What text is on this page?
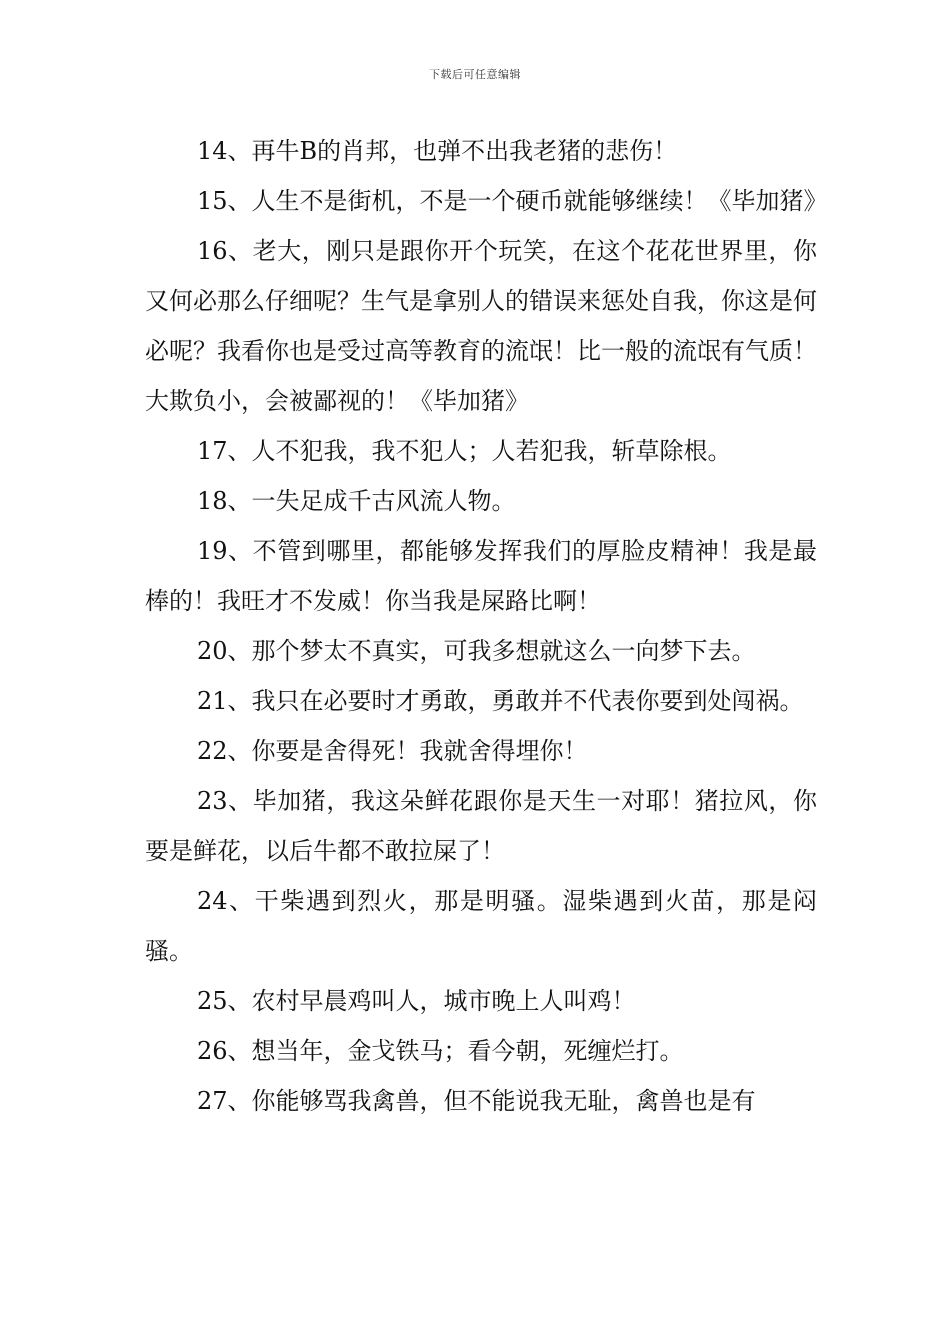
下载后可任意编辑

14、再牛B的肖邦，也弹不出我老猪的悲伤！

15、人生不是街机，不是一个硬币就能够继续！《毕加猪》

16、老大，刚只是跟你开个玩笑，在这个花花世界里，你又何必那么仔细呢？生气是拿别人的错误来惩处自我，你这是何必呢？我看你也是受过高等教育的流氓！比一般的流氓有气质！大欺负小，会被鄙视的！《毕加猪》

17、人不犯我，我不犯人；人若犯我，斩草除根。

18、一失足成千古风流人物。

19、不管到哪里，都能够发挥我们的厚脸皮精神！我是最棒的！我旺才不发威！你当我是屎路比啊！

20、那个梦太不真实，可我多想就这么一向梦下去。

21、我只在必要时才勇敢，勇敢并不代表你要到处闯祸。

22、你要是舍得死！我就舍得埋你！

23、毕加猪，我这朵鲜花跟你是天生一对耶！猪拉风，你要是鲜花，以后牛都不敢拉屎了！

24、干柴遇到烈火，那是明骚。湿柴遇到火苗，那是闷骚。

25、农村早晨鸡叫人，城市晚上人叫鸡！

26、想当年，金戈铁马；看今朝，死缠烂打。

27、你能够骂我禽兽，但不能说我无耻，禽兽也是有
